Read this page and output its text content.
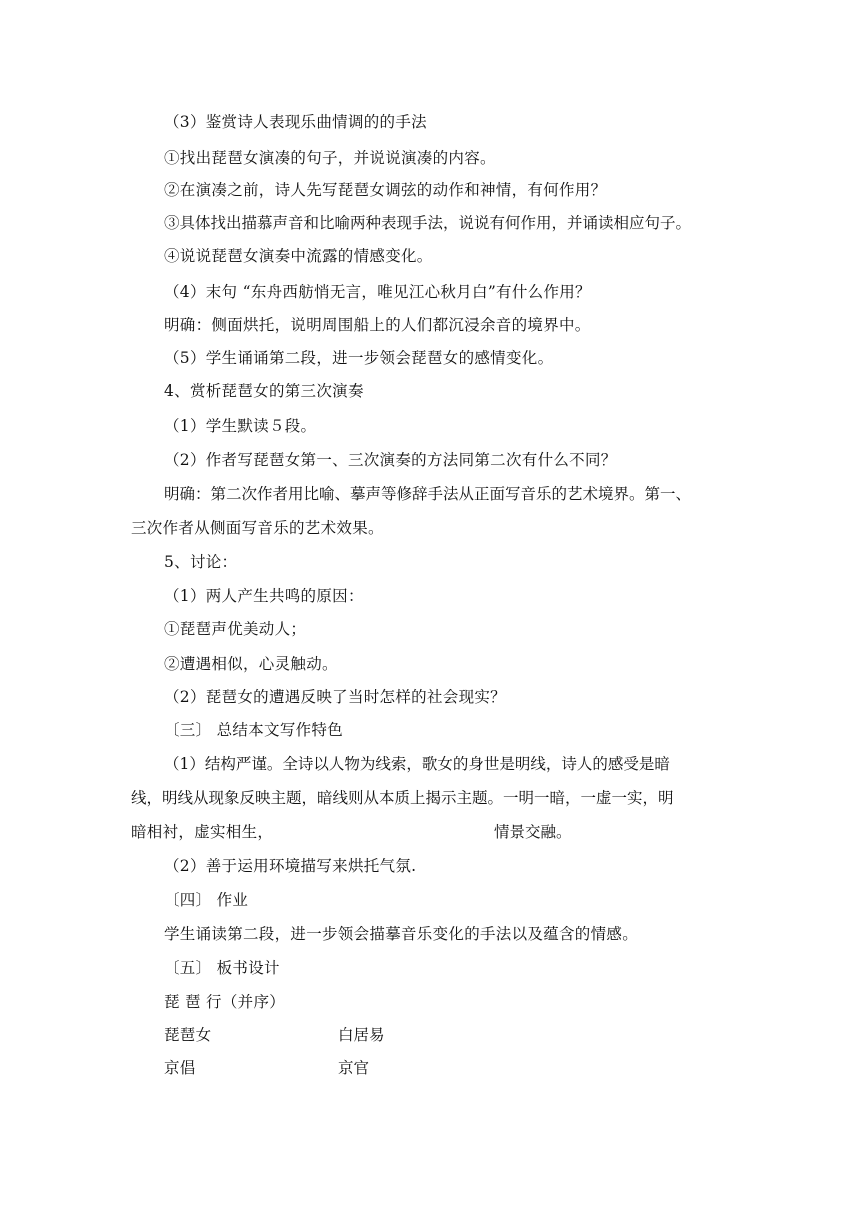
（3）鉴赏诗人表现乐曲情调的的手法
①找出琵琶女演凑的句子，并说说演凑的内容。
②在演凑之前，诗人先写琵琶女调弦的动作和神情，有何作用？
③具体找出描慕声音和比喻两种表现手法，说说有何作用，并诵读相应句子。
④说说琵琶女演奏中流露的情感变化。
（4）末句 “东舟西舫悄无言，唯见江心秋月白”有什么作用？
明确：侧面烘托，说明周围船上的人们都沉浸余音的境界中。
（5）学生诵诵第二段，进一步领会琵琶女的感情变化。
4、赏析琵琶女的第三次演奏
（1）学生默读５段。
（2）作者写琵琶女第一、三次演奏的方法同第二次有什么不同？
明确：第二次作者用比喻、摹声等修辞手法从正面写音乐的艺术境界。第一、
三次作者从侧面写音乐的艺术效果。
5、讨论：
（1）两人产生共鸣的原因：
①琵琶声优美动人；
②遭遇相似，心灵触动。
（2）琵琶女的遭遇反映了当时怎样的社会现实？
〔三〕 总结本文写作特色
（1）结构严谨。全诗以人物为线索，歌女的身世是明线，诗人的感受是暗
线，明线从现象反映主题，暗线则从本质上揭示主题。一明一暗，一虚一实，明
暗相衬，虚实相生，	情景交融。
（2）善于运用环境描写来烘托气氛.
〔四〕 作业
学生诵读第二段，进一步领会描摹音乐变化的手法以及蕴含的情感。
〔五〕 板书设计
琵 琶 行（并序）
琵琶女	白居易
京倡	京官
